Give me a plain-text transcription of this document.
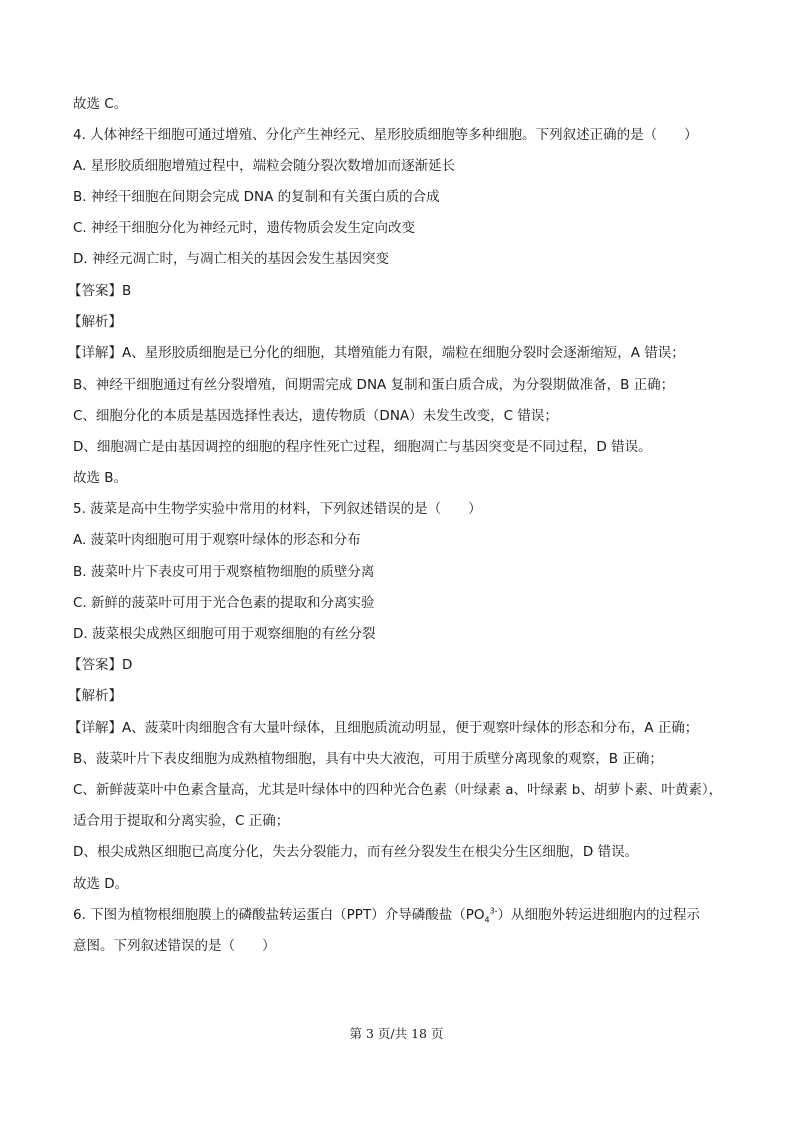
故选 C。
4. 人体神经干细胞可通过增殖、分化产生神经元、星形胶质细胞等多种细胞。下列叙述正确的是（　　）
A. 星形胶质细胞增殖过程中，端粒会随分裂次数增加而逐渐延长
B. 神经干细胞在间期会完成 DNA 的复制和有关蛋白质的合成
C. 神经干细胞分化为神经元时，遗传物质会发生定向改变
D. 神经元凋亡时，与凋亡相关的基因会发生基因突变
【答案】B
【解析】
【详解】A、星形胶质细胞是已分化的细胞，其增殖能力有限，端粒在细胞分裂时会逐渐缩短，A 错误；
B、神经干细胞通过有丝分裂增殖，间期需完成 DNA 复制和蛋白质合成，为分裂期做准备，B 正确；
C、细胞分化的本质是基因选择性表达，遗传物质（DNA）未发生改变，C 错误；
D、细胞凋亡是由基因调控的细胞的程序性死亡过程，细胞凋亡与基因突变是不同过程，D 错误。
故选 B。
5. 菠菜是高中生物学实验中常用的材料，下列叙述错误的是（　　）
A. 菠菜叶肉细胞可用于观察叶绿体的形态和分布
B. 菠菜叶片下表皮可用于观察植物细胞的质壁分离
C. 新鲜的菠菜叶可用于光合色素的提取和分离实验
D. 菠菜根尖成熟区细胞可用于观察细胞的有丝分裂
【答案】D
【解析】
【详解】A、菠菜叶肉细胞含有大量叶绿体，且细胞质流动明显，便于观察叶绿体的形态和分布，A 正确；
B、菠菜叶片下表皮细胞为成熟植物细胞，具有中央大液泡，可用于质壁分离现象的观察，B 正确；
C、新鲜菠菜叶中色素含量高，尤其是叶绿体中的四种光合色素（叶绿素 a、叶绿素 b、胡萝卜素、叶黄素），
适合用于提取和分离实验，C 正确；
D、根尖成熟区细胞已高度分化，失去分裂能力，而有丝分裂发生在根尖分生区细胞，D 错误。
故选 D。
6. 下图为植物根细胞膜上的磷酸盐转运蛋白（PPT）介导磷酸盐$(PO_4^{3-})$从细胞外转运进细胞内的过程示
意图。下列叙述错误的是（　　）
第 3 页/共 18 页
